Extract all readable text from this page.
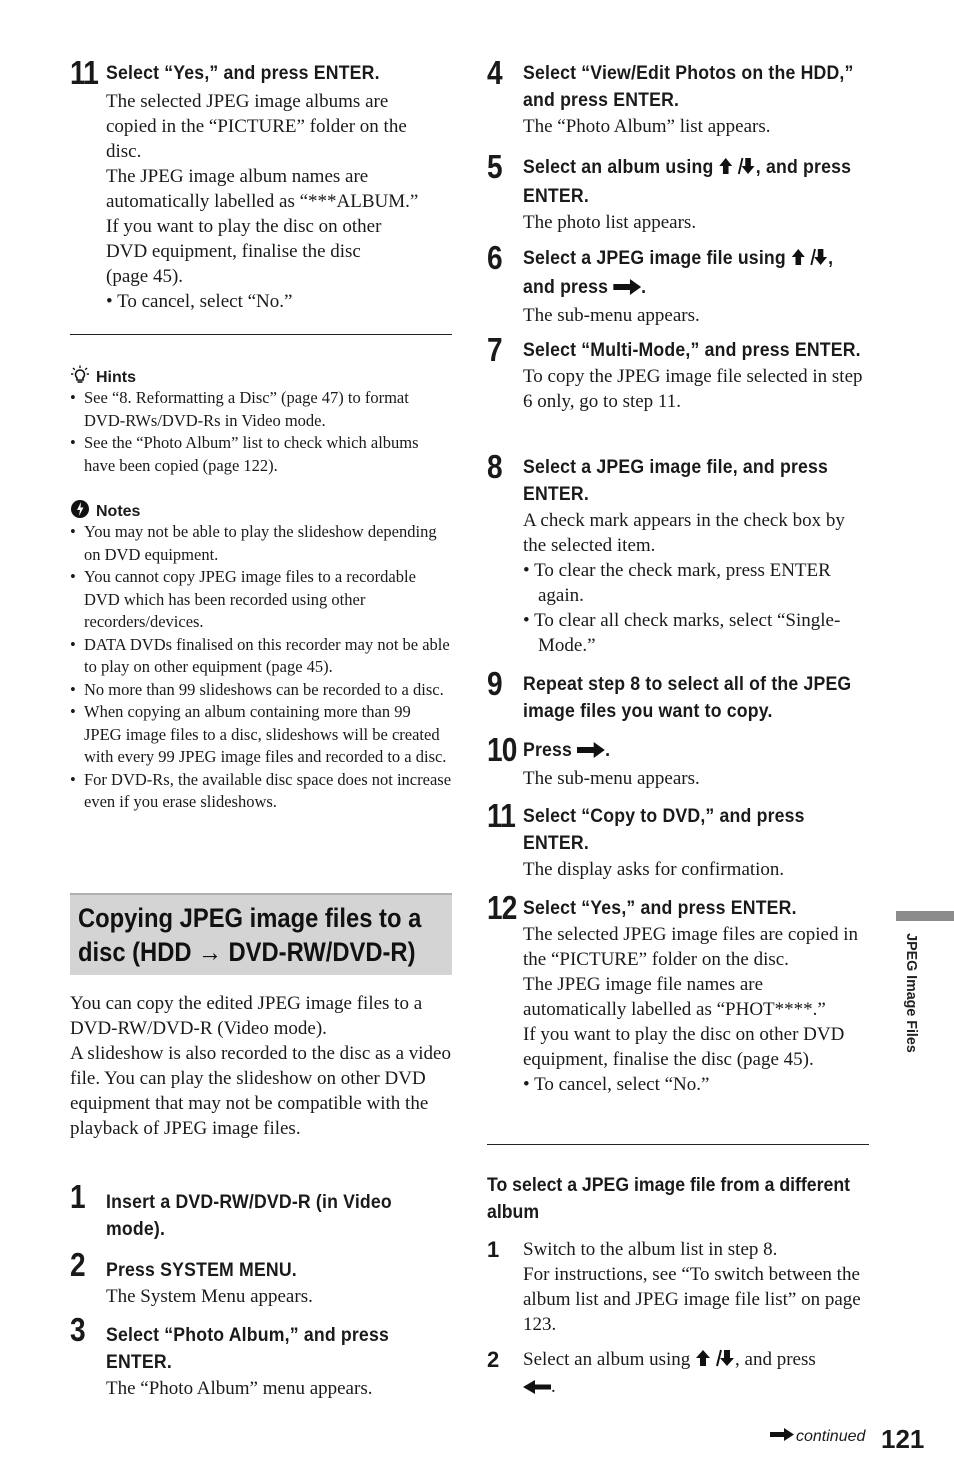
11 Select “Yes,” and press ENTER.

The selected JPEG image albums are

copied in the “PICTURE” folder on the

disc.

The JPEG image album names are

automatically labelled as “***ALBUM.”

If you want to play the disc on other

DVD equipment, finalise the disc

(page 45).

• To cancel, select “No.”

Hints
• See “8. Reformatting a Disc” (page 47) to format DVD-RWs/DVD-Rs in Video mode.
• See the “Photo Album” list to check which albums have been copied (page 122).
Notes
• You may not be able to play the slideshow depending on DVD equipment.
• You cannot copy JPEG image files to a recordable DVD which has been recorded using other recorders/devices.
• DATA DVDs finalised on this recorder may not be able to play on other equipment (page 45).
• No more than 99 slideshows can be recorded to a disc.
• When copying an album containing more than 99 JPEG image files to a disc, slideshows will be created with every 99 JPEG image files and recorded to a disc.
• For DVD-Rs, the available disc space does not increase even if you erase slideshows.
Copying JPEG image files to a
disc (HDD → DVD-RW/DVD-R)

You can copy the edited JPEG image files to a DVD-RW/DVD-R (Video mode).

A slideshow is also recorded to the disc as a video file. You can play the slideshow on other DVD equipment that may not be compatible with the playback of JPEG image files.

1 Insert a DVD-RW/DVD-R (in Video mode).
2 Press SYSTEM MENU.
The System Menu appears.
3 Select “Photo Album,” and press ENTER.
The “Photo Album” menu appears.
4 Select “View/Edit Photos on the HDD,” and press ENTER.
The “Photo Album” list appears.
5 Select an album using , and press ENTER.
The photo list appears.
6 Select a JPEG image file using , and press .
The sub-menu appears.
7 Select “Multi-Mode,” and press ENTER.
To copy the JPEG image file selected in step 6 only, go to step 11.
8 Select a JPEG image file, and press ENTER.

A check mark appears in the check box by the selected item.

• To clear the check mark, press ENTER again.

• To clear all check marks, select “Single-Mode.”

9 Repeat step 8 to select all of the JPEG image files you want to copy.
10 Press .
The sub-menu appears.
11 Select “Copy to DVD,” and press ENTER.
The display asks for confirmation.
12 Select “Yes,” and press ENTER.

The selected JPEG image files are copied in the “PICTURE” folder on the disc.

The JPEG image file names are automatically labelled as “PHOT****.”

If you want to play the disc on other DVD equipment, finalise the disc (page 45).

• To cancel, select “No.”

To select a JPEG image file from a different album
1 Switch to the album list in step 8.

For instructions, see “To switch between the album list and JPEG image file list” on page 123.

2 Select an album using , and press
.
JPEG Image Files
continued 121
